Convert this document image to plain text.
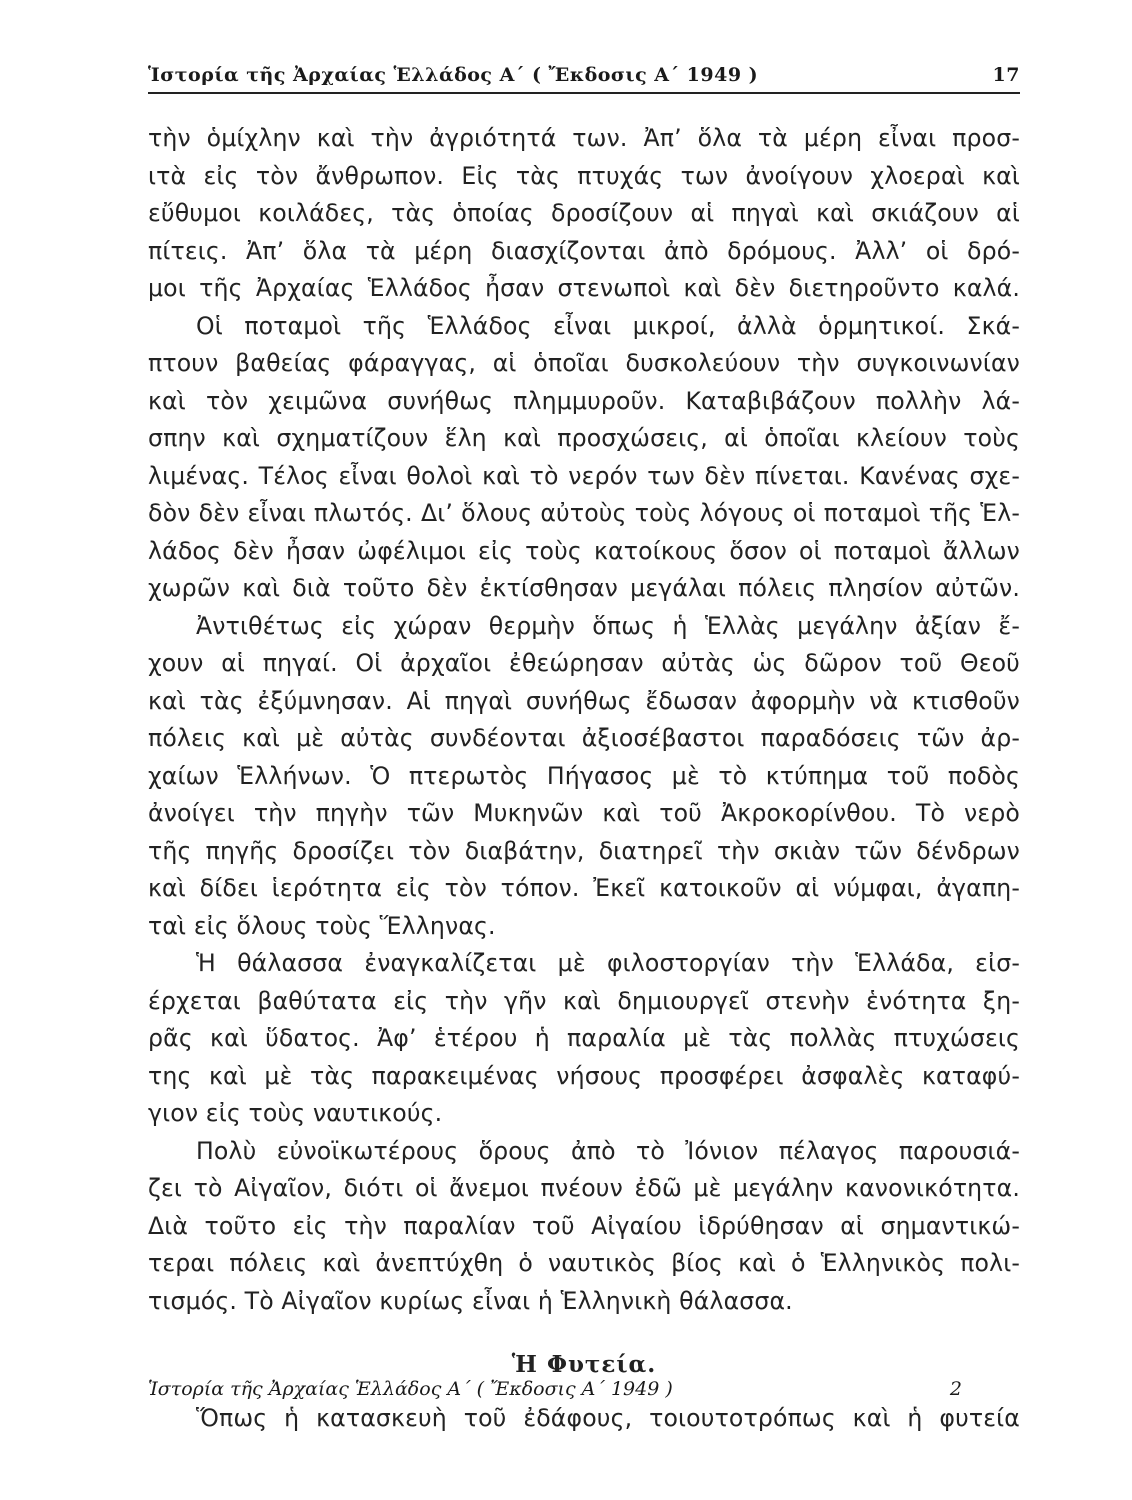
Ἱστορία τῆς Ἀρχαίας Ἑλλάδος Α΄ ( Ἔκδοσις Α΄ 1949 )	17
τὴν ὁμίχλην καὶ τὴν ἀγριότητά των. Ἀπ’ ὅλα τὰ μέρη εἶναι προσ-
ιτὰ εἰς τὸν ἄνθρωπον. Εἰς τὰς πτυχάς των ἀνοίγουν χλοεραὶ καὶ
εὔθυμοι κοιλάδες, τὰς ὁποίας δροσίζουν αἱ πηγαὶ καὶ σκιάζουν αἱ
πίτεις. Ἀπ’ ὅλα τὰ μέρη διασχίζονται ἀπὸ δρόμους. Ἀλλ’ οἱ δρό-
μοι τῆς Ἀρχαίας Ἑλλάδος ἦσαν στενωποὶ καὶ δὲν διετηροῦντο καλά.
Οἱ ποταμοὶ τῆς Ἑλλάδος εἶναι μικροί, ἀλλὰ ὁρμητικοί. Σκά-
πτουν βαθείας φάραγγας, αἱ ὁποῖαι δυσκολεύουν τὴν συγκοινωνίαν
καὶ τὸν χειμῶνα συνήθως πλημμυροῦν. Καταβιβάζουν πολλὴν λά-
σπην καὶ σχηματίζουν ἕλη καὶ προσχώσεις, αἱ ὁποῖαι κλείουν τοὺς
λιμένας. Τέλος εἶναι θολοὶ καὶ τὸ νερόν των δὲν πίνεται. Κανένας σχε-
δὸν δὲν εἶναι πλωτός. Δι’ ὅλους αὐτοὺς τοὺς λόγους οἱ ποταμοὶ τῆς Ἑλ-
λάδος δὲν ἦσαν ὠφέλιμοι εἰς τοὺς κατοίκους ὅσον οἱ ποταμοὶ ἄλλων
χωρῶν καὶ διὰ τοῦτο δὲν ἐκτίσθησαν μεγάλαι πόλεις πλησίον αὐτῶν.
Ἀντιθέτως εἰς χώραν θερμὴν ὅπως ἡ Ἑλλὰς μεγάλην ἀξίαν ἔ-
χουν αἱ πηγαί. Οἱ ἀρχαῖοι ἐθεώρησαν αὐτὰς ὡς δῶρον τοῦ Θεοῦ
καὶ τὰς ἐξύμνησαν. Αἱ πηγαὶ συνήθως ἔδωσαν ἀφορμὴν νὰ κτισθοῦν
πόλεις καὶ μὲ αὐτὰς συνδέονται ἀξιοσέβαστοι παραδόσεις τῶν ἀρ-
χαίων Ἑλλήνων. Ὁ πτερωτὸς Πήγασος μὲ τὸ κτύπημα τοῦ ποδὸς
ἀνοίγει τὴν πηγὴν τῶν Μυκηνῶν καὶ τοῦ Ἀκροκορίνθου. Τὸ νερὸ
τῆς πηγῆς δροσίζει τὸν διαβάτην, διατηρεῖ τὴν σκιὰν τῶν δένδρων
καὶ δίδει ἱερότητα εἰς τὸν τόπον. Ἐκεῖ κατοικοῦν αἱ νύμφαι, ἀγαπη-
ταὶ εἰς ὅλους τοὺς Ἕλληνας.
Ἡ θάλασσα ἐναγκαλίζεται μὲ φιλοστοργίαν τὴν Ἑλλάδα, εἰσ-
έρχεται βαθύτατα εἰς τὴν γῆν καὶ δημιουργεῖ στενὴν ἑνότητα ξη-
ρᾶς καὶ ὕδατος. Ἀφ’ ἑτέρου ἡ παραλία μὲ τὰς πολλὰς πτυχώσεις
της καὶ μὲ τὰς παρακειμένας νήσους προσφέρει ἀσφαλὲς καταφύ-
γιον εἰς τοὺς ναυτικούς.
Πολὺ εὐνοϊκωτέρους ὅρους ἀπὸ τὸ Ἰόνιον πέλαγος παρουσιά-
ζει τὸ Αἰγαῖον, διότι οἱ ἄνεμοι πνέουν ἐδῶ μὲ μεγάλην κανονικότητα.
Διὰ τοῦτο εἰς τὴν παραλίαν τοῦ Αἰγαίου ἱδρύθησαν αἱ σημαντικώ-
τεραι πόλεις καὶ ἀνεπτύχθη ὁ ναυτικὸς βίος καὶ ὁ Ἑλληνικὸς πολι-
τισμός. Τὸ Αἰγαῖον κυρίως εἶναι ἡ Ἑλληνικὴ θάλασσα.
Ἡ Φυτεία.
Ὅπως ἡ κατασκευὴ τοῦ ἐδάφους, τοιουτοτρόπως καὶ ἡ φυτεία
Ἱστορία τῆς Ἀρχαίας Ἑλλάδος Α΄ ( Ἔκδοσις Α΄ 1949 )	2
